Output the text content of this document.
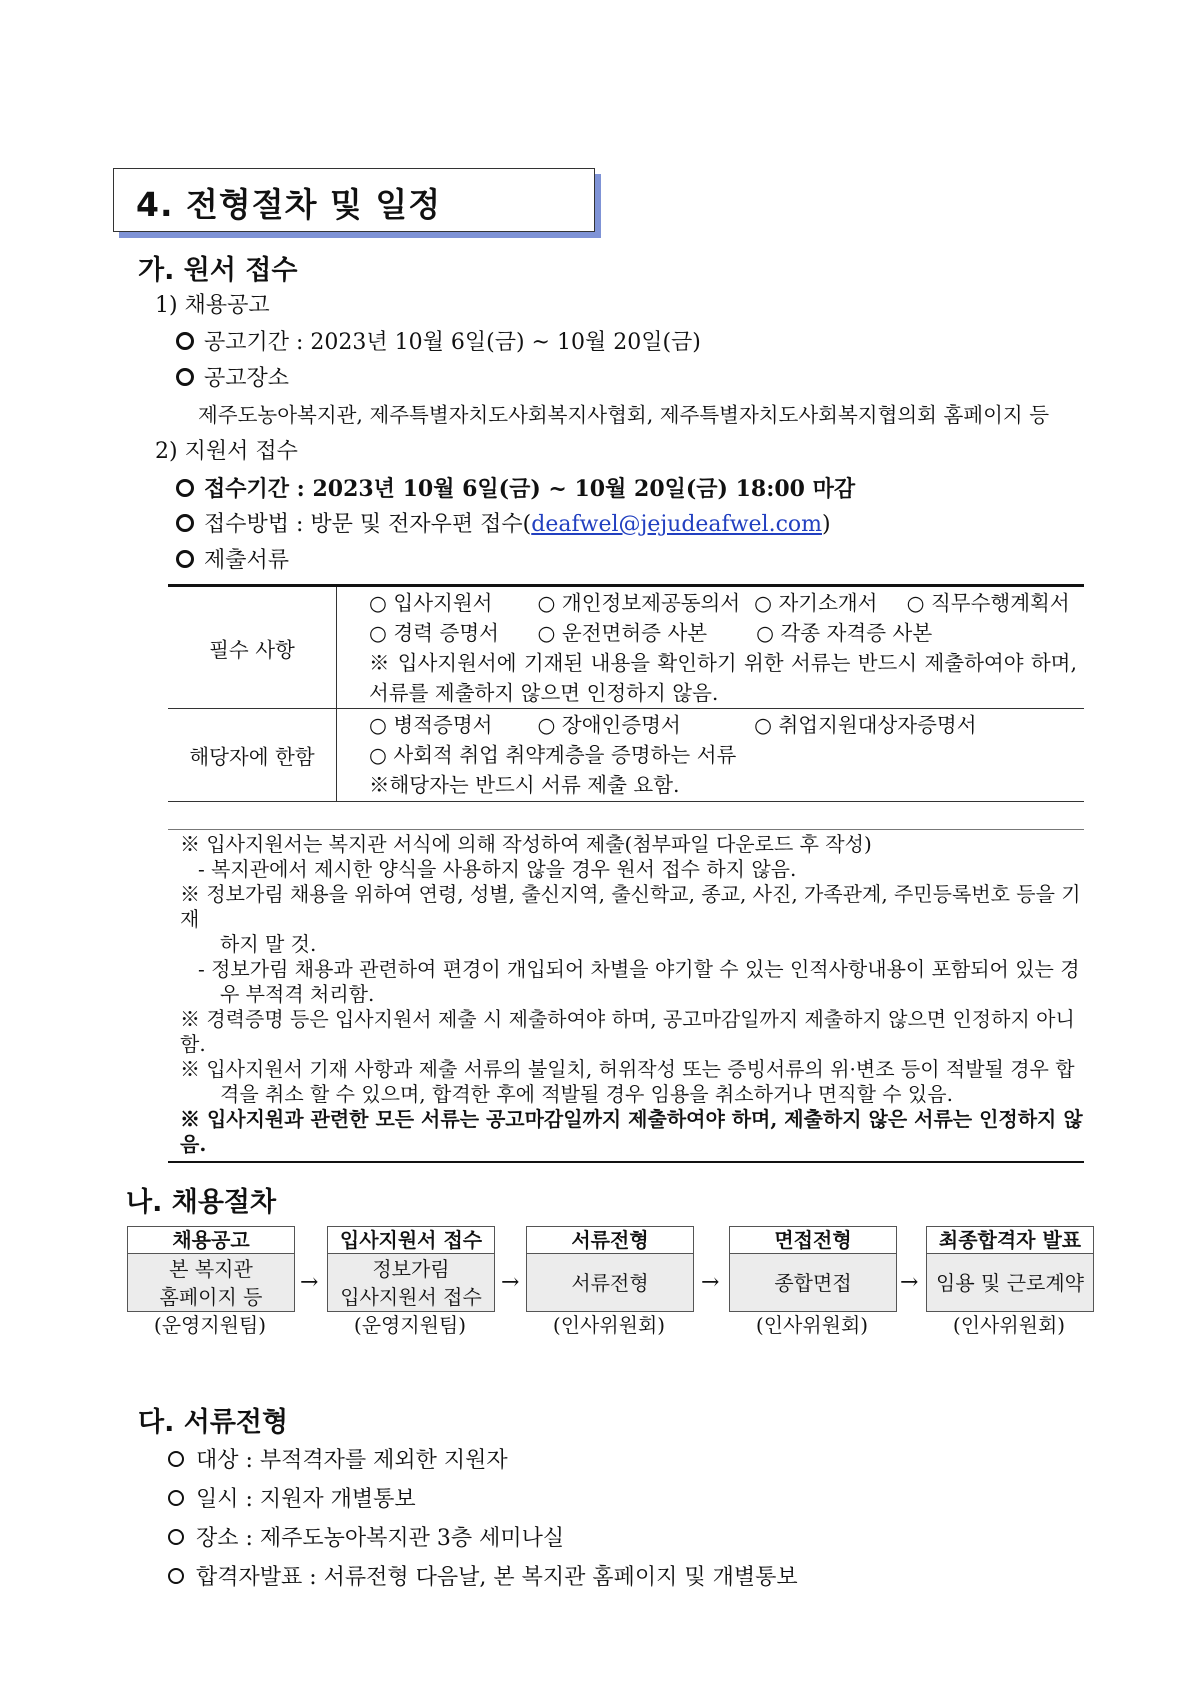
4. 전형절차 및 일정
가. 원서 접수
1) 채용공고
공고기간 : 2023년 10월 6일(금) ~ 10월 20일(금)
공고장소
제주도농아복지관, 제주특별자치도사회복지사협회, 제주특별자치도사회복지협의회 홈페이지 등
2) 지원서 접수
접수기간 : 2023년 10월 6일(금) ~ 10월 20일(금) 18:00 마감
접수방법 : 방문 및 전자우편 접수(deafwel@jejudeafwel.com)
제출서류
필수 사항	○ 입사지원서 ○ 개인정보제공동의서 ○ 자기소개서 ○ 직무수행계획서
○ 경력 증명서 ○ 운전면허증 사본 ○ 각종 자격증 사본
※ 입사지원서에 기재된 내용을 확인하기 위한 서류는 반드시 제출하여야 하며, 서류를 제출하지 않으면 인정하지 않음.

해당자에 한함	○ 병적증명서 ○ 장애인증명서 ○ 취업지원대상자증명서
○ 사회적 취업 취약계층을 증명하는 서류
※해당자는 반드시 서류 제출 요함.
※ 입사지원서는 복지관 서식에 의해 작성하여 제출(첨부파일 다운로드 후 작성)
- 복지관에서 제시한 양식을 사용하지 않을 경우 원서 접수 하지 않음.
※ 정보가림 채용을 위하여 연령, 성별, 출신지역, 출신학교, 종교, 사진, 가족관계, 주민등록번호 등을 기재
하지 말 것.
- 정보가림 채용과 관련하여 편경이 개입되어 차별을 야기할 수 있는 인적사항내용이 포함되어 있는 경
우 부적격 처리함.
※ 경력증명 등은 입사지원서 제출 시 제출하여야 하며, 공고마감일까지 제출하지 않으면 인정하지 아니함.
※ 입사지원서 기재 사항과 제출 서류의 불일치, 허위작성 또는 증빙서류의 위·변조 등이 적발될 경우 합
격을 취소 할 수 있으며, 합격한 후에 적발될 경우 임용을 취소하거나 면직할 수 있음.
※ 입사지원과 관련한 모든 서류는 공고마감일까지 제출하여야 하며, 제출하지 않은 서류는 인정하지 않음.
나. 채용절차
채용공고
본 복지관
홈페이지 등
(운영지원팀)
→
입사지원서 접수
정보가림
입사지원서 접수
(운영지원팀)
→
서류전형
서류전형
(인사위원회)
→
면접전형
종합면접
(인사위원회)
→
최종합격자 발표
임용 및 근로계약
(인사위원회)
다. 서류전형
대상 : 부적격자를 제외한 지원자
일시 : 지원자 개별통보
장소 : 제주도농아복지관 3층 세미나실
합격자발표 : 서류전형 다음날, 본 복지관 홈페이지 및 개별통보
